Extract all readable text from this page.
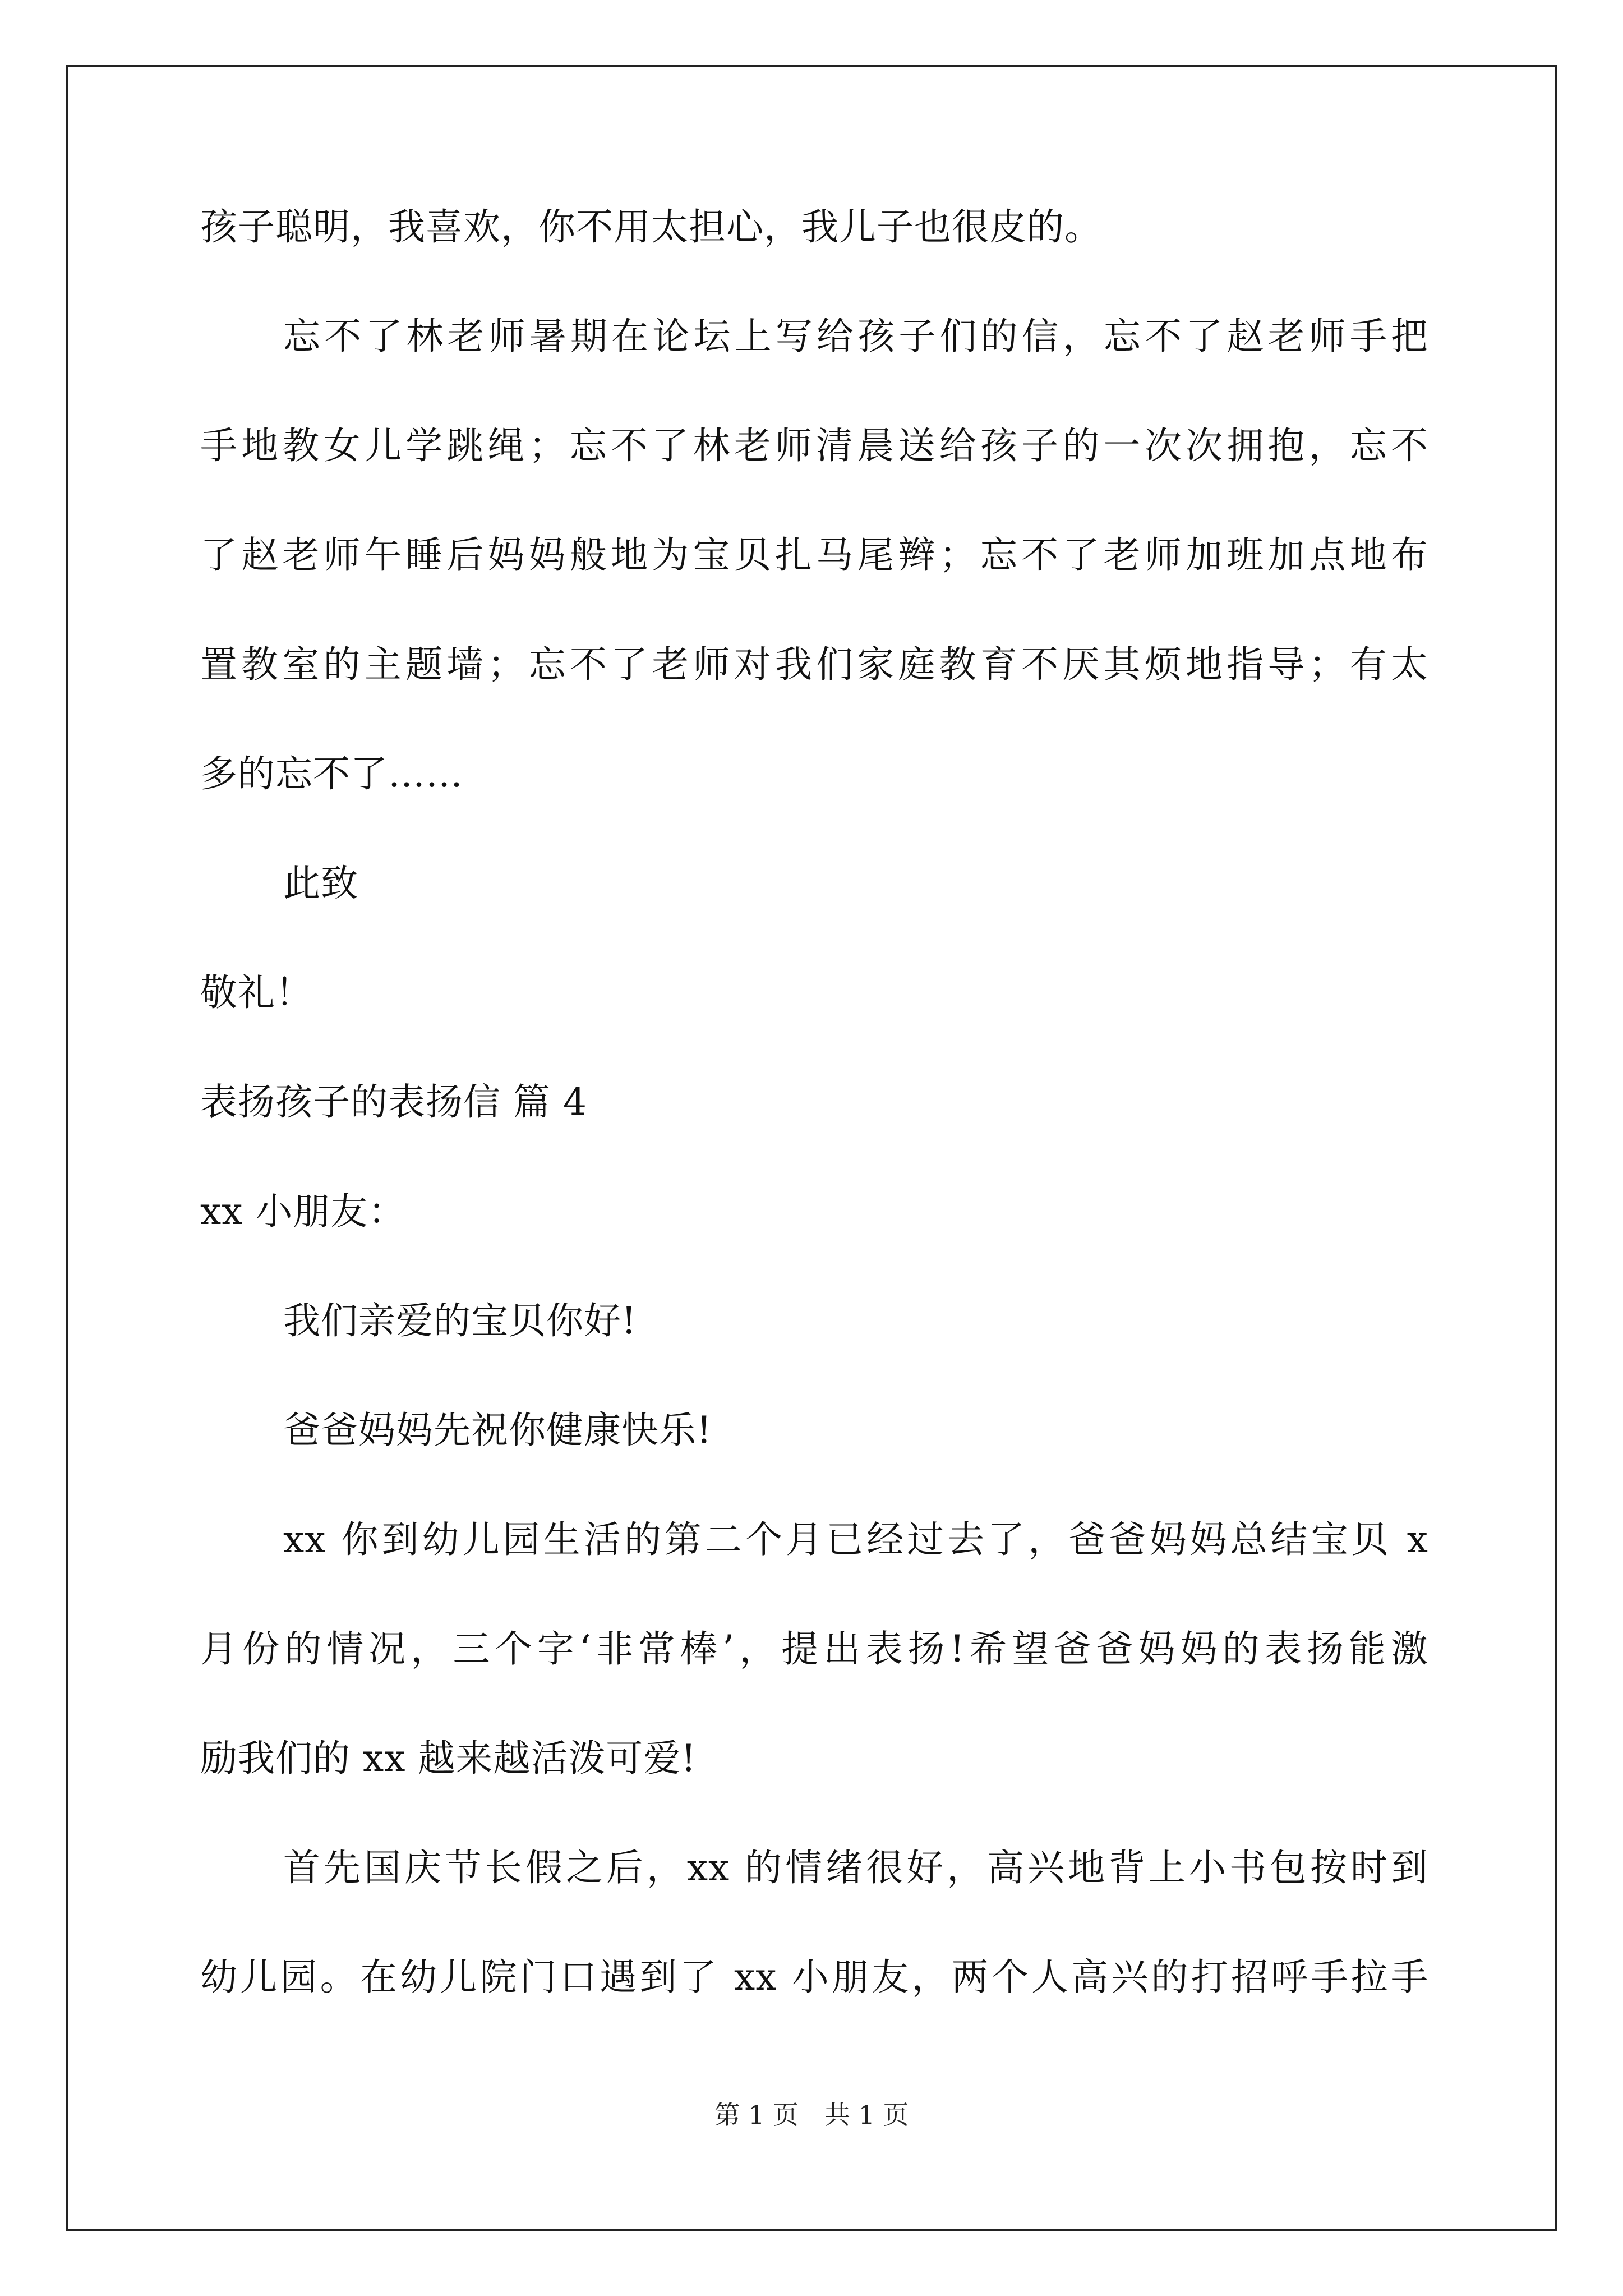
孩子聪明，我喜欢，你不用太担心，我儿子也很皮的。
忘不了林老师暑期在论坛上写给孩子们的信，忘不了赵老师手把
手地教女儿学跳绳；忘不了林老师清晨送给孩子的一次次拥抱，忘不
了赵老师午睡后妈妈般地为宝贝扎马尾辫；忘不了老师加班加点地布
置教室的主题墙；忘不了老师对我们家庭教育不厌其烦地指导；有太
多的忘不了……
此致
敬礼！
表扬孩子的表扬信 篇 4
xx 小朋友：
我们亲爱的宝贝你好!
爸爸妈妈先祝你健康快乐!
xx 你到幼儿园生活的第二个月已经过去了，爸爸妈妈总结宝贝 x
月份的情况，三个字‘非常棒’，提出表扬!希望爸爸妈妈的表扬能激
励我们的 xx 越来越活泼可爱!
首先国庆节长假之后，xx 的情绪很好，高兴地背上小书包按时到
幼儿园。在幼儿院门口遇到了 xx 小朋友，两个人高兴的打招呼手拉手
第 1 页　共 1 页
